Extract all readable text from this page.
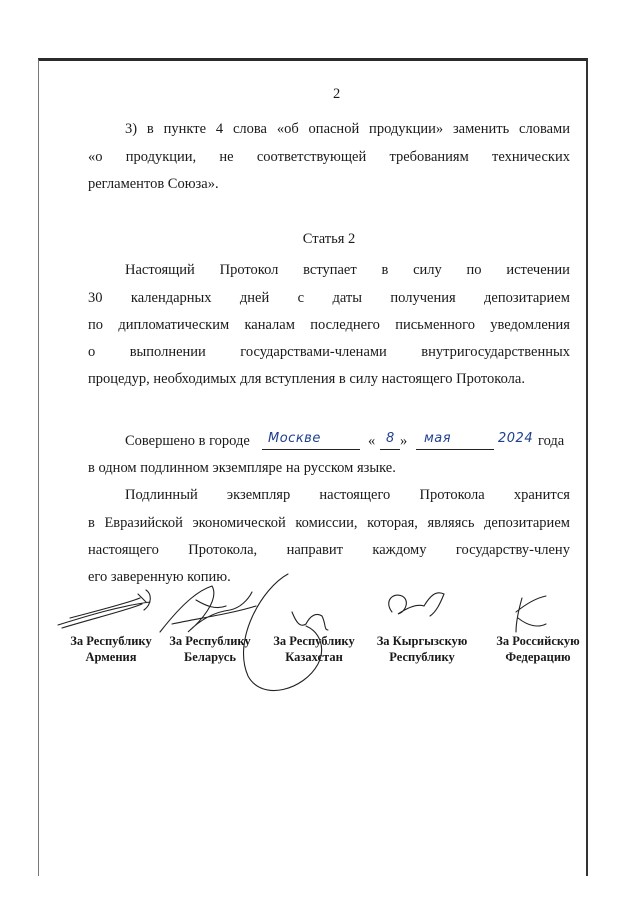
2
3) в пункте 4 слова «об опасной продукции» заменить словами
«о продукции, не соответствующей требованиям технических
регламентов Союза».
Статья 2
Настоящий Протокол вступает в силу по истечении
30 календарных дней с даты получения депозитарием
по дипломатическим каналам последнего письменного уведомления
о выполнении государствами-членами внутригосударственных
процедур, необходимых для вступления в силу настоящего Протокола.
Совершено в городе Москве	« 8 » мая	2024 года
в одном подлинном экземпляре на русском языке.
Подлинный экземпляр настоящего Протокола хранится
в Евразийской экономической комиссии, которая, являясь депозитарием
настоящего Протокола, направит каждому государству-члену
его заверенную копию.
За Республику
Армения
За Республику
Беларусь
За Республику
Казахстан
За Кыргызскую
Республику
За Российскую
Федерацию
